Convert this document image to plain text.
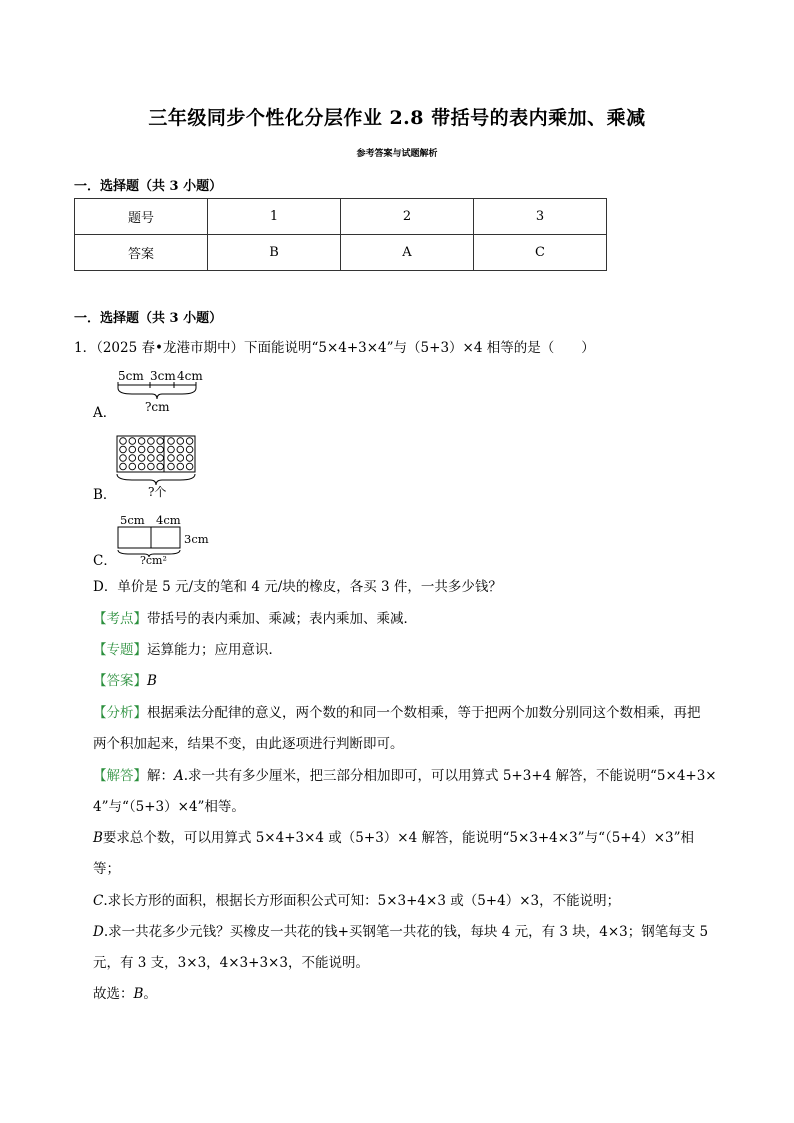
三年级同步个性化分层作业 2.8 带括号的表内乘加、乘减
参考答案与试题解析
一．选择题（共 3 小题）
题号	1	2	3
答案	B	A	C
一．选择题（共 3 小题）
1．（2025 春•龙港市期中）下面能说明“5×4+3×4”与（5+3）×4 相等的是（　　）
5cm 3cm 4cm
?cm
A．
?个
B．
5cm 4cm
3cm
?cm²
C．
D．单价是 5 元/支的笔和 4 元/块的橡皮，各买 3 件，一共多少钱？
【考点】带括号的表内乘加、乘减；表内乘加、乘减．
【专题】运算能力；应用意识．
【答案】B
【分析】根据乘法分配律的意义，两个数的和同一个数相乘，等于把两个加数分别同这个数相乘，再把
两个积加起来，结果不变，由此逐项进行判断即可。
【解答】解：A.求一共有多少厘米，把三部分相加即可，可以用算式 5+3+4 解答，不能说明“5×4+3×
4”与“（5+3）×4”相等。
B要求总个数，可以用算式 5×4+3×4 或（5+3）×4 解答，能说明“5×3+4×3”与“（5+4）×3”相
等；
C.求长方形的面积，根据长方形面积公式可知：5×3+4×3 或（5+4）×3，不能说明；
D.求一共花多少元钱？买橡皮一共花的钱+买钢笔一共花的钱，每块 4 元，有 3 块，4×3；钢笔每支 5
元，有 3 支，3×3，4×3+3×3，不能说明。
故选：B。
